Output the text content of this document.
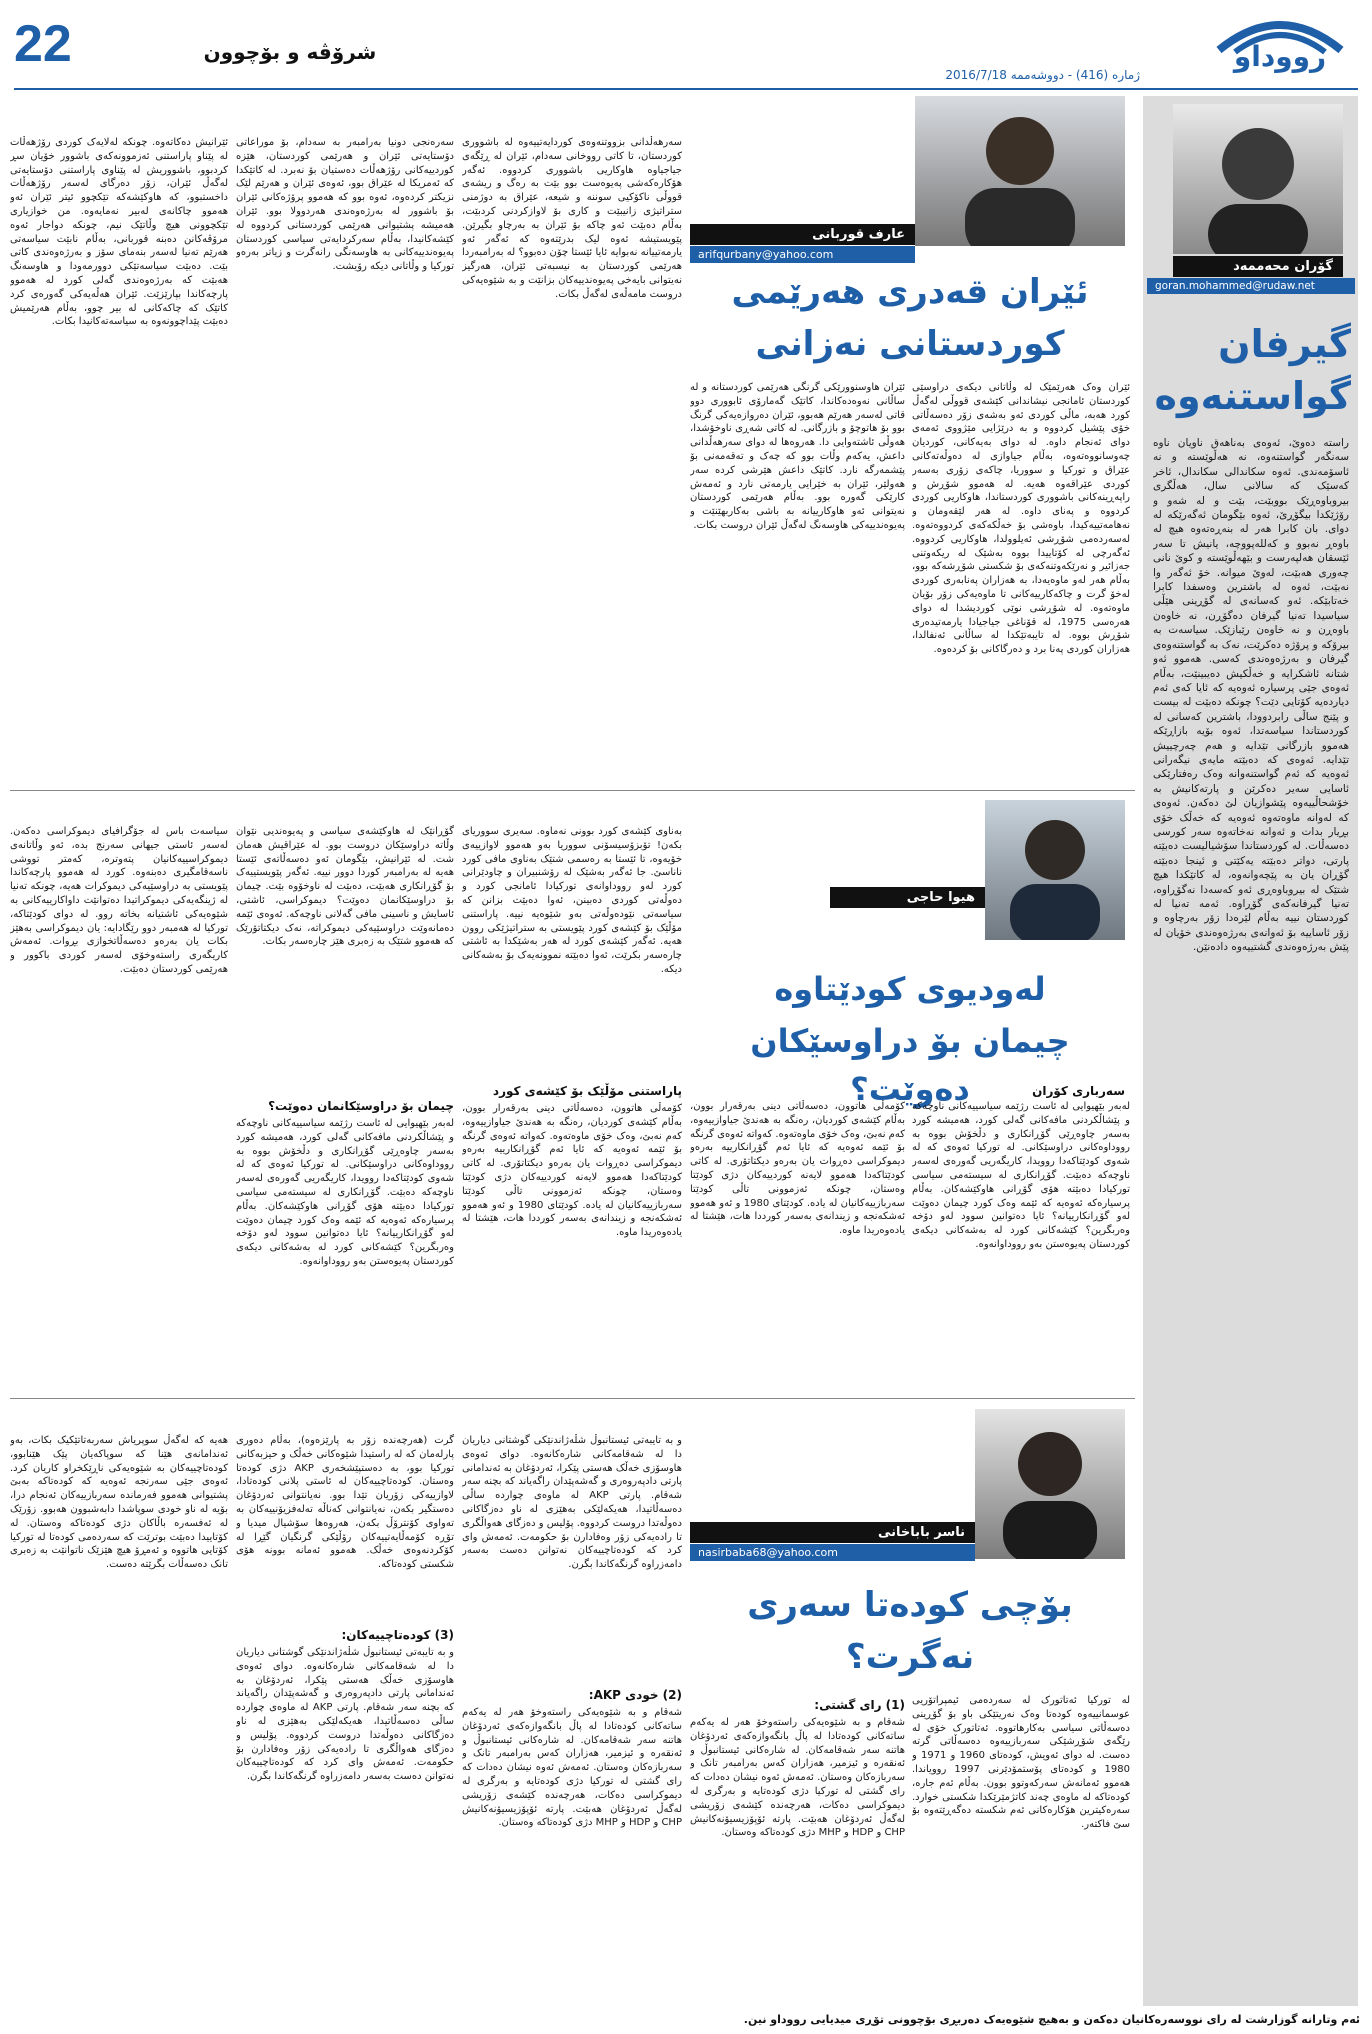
22	شرۆڤە و بۆچوون
ژمارە (416) - دووشەممە 2016/7/18
رووداو
گۆران محەممەد
goran.mohammed@rudaw.net
گیرفان گواستنەوە
راستە دەوێ، ئەوەی بەناھەق ناویان ناوە سەنگەر گواستنەوە، نە ھەڵوێستە و نە ئاسۆمەندی. ئەوە سکاندالی سکاندال، ئاخر کەسێک کە سالانی سال، ھەڵگری بیروباوەڕێک بووبێت، بێت و لە شەو و رۆژێکدا بیگۆڕێ، ئەوە بێگومان ئەگەرێکە لە دوای. بان کابرا ھەر لە بنەڕەتەوە ھیچ لە باوەڕ نەبوو و کەللەپووچە، یانیش تا سەر ئێسقان ھەلپەرست و بێھەڵوێستە و کوێ نانی چەوری ھەبێت، لەوێ میوانە. خۆ ئەگەر وا نەبێت، ئەوە لە باشترین وەسفدا کابرا خەتابێکە. ئەو کەسانەی لە گۆڕینی ھێڵی سیاسیدا تەنیا گیرفان دەگۆڕن، نە خاوەن باوەڕن و نە خاوەن رێبازێک. سیاسەت بە بیرۆکە و پرۆژە دەکرێت، نەک بە گواستنەوەی گیرفان و بەرژەوەندی کەسی. ھەموو ئەو شتانە ئاشکرایە و خەڵکیش دەیبینێت، بەڵام ئەوەی جێی پرسیارە ئەوەیە کە ئایا کەی ئەم دیاردەیە کۆتایی دێت؟ چونکە دەبێت لە بیست و پێنج ساڵی رابردوودا، باشترین کەسانی لە کوردستاندا سیاسەتدا، ئەوە بۆیە بازاڕێکە ھەموو بازرگانی تێدایە و ھەم چەرچییش تێدایە. ئەوەی کە دەبێتە مایەی نیگەرانی ئەوەیە کە ئەم گواستنەوانە وەک رەفتارێکی ئاسایی سەیر دەکرێن و پارتەکانیش بە خۆشحاڵییەوە پێشوازیان لێ دەکەن. ئەوەی کە لەوانە ماوەتەوە ئەوەیە کە خەڵک خۆی بڕیار بدات و ئەوانە نەخاتەوە سەر کورسی دەسەڵات. لە کوردستاندا سۆشیالیست دەبێتە پارتی، دواتر دەبێتە یەکێتی و ئینجا دەبێتە گۆڕان یان بە پێچەوانەوە، لە کاتێکدا ھیچ شتێک لە بیروباوەڕی ئەو کەسەدا نەگۆڕاوە، تەنیا گیرفانەکەی گۆڕاوە. ئەمە تەنیا لە کوردستان نییە بەڵام لێرەدا زۆر بەرچاوە و زۆر ئاساییە بۆ ئەوانەی بەرژەوەندی خۆیان لە پێش بەرژەوەندی گشتییەوە دادەنێن.
عارف قوربانی
arifqurbany@yahoo.com
ئێران قەدری ھەرێمی
کوردستانی نەزانی
ئێران وەک ھەرێمێک لە وڵاتانی دیکەی دراوسێی کوردستان ئامانجی نیشاندانی کێشەی قووڵی لەگەڵ کورد ھەبە، ماڵی کوردی ئەو بەشەی زۆر دەسەڵاتی خۆی پێشیل کردووە و بە درێژایی مێژووی ئەمەی دوای ئەنجام داوە. لە دوای بەیەکانی، کوردیان چەوسانووەتەوە، بەڵام جیاوازی لە دەوڵەتەکانی عێراق و تورکیا و سووریا، چاکەی زۆری بەسەر کوردی عێراقەوە ھەیە. لە ھەموو شۆڕش و راپەڕینەکانی باشووری کوردستاندا، ھاوکاریی کوردی کردووە و پەنای داوە. لە ھەر لێقەومان و نەھامەتییەکیدا، باوەشی بۆ خەڵکەکەی کردووەتەوە. لەسەردەمی شۆڕشی ئەیلوولدا، ھاوکاریی کردووە. ئەگەرچی لە کۆتاییدا بووە بەشێک لە ریکەوتنی جەزائیر و نەرێکەوتنەکەی بۆ شکستی شۆڕشەکە بوو، بەڵام ھەر لەو ماوەیەدا، بە ھەزاران پەنابەری کوردی لەخۆ گرت و چاکەکارییەکانی تا ماوەیەکی زۆر بۆیان ماوەتەوە. لە شۆڕشی نوێی کوردیشدا لە دوای ھەرەسی 1975، لە قۆناغی جیاجیادا یارمەتیدەری شۆڕش بووە. لە تایبەتێکدا لە ساڵانی ئەنفالدا، ھەزاران کوردی پەنا برد و دەرگاکانی بۆ کردەوە.
ئێران ھاوسنوورێکی گرنگی ھەرێمی کوردستانە و لە ساڵانی نەوەدەکاندا، کاتێک گەمارۆی ئابووری دوو قاتی لەسەر ھەرێم ھەبوو، ئێران دەروازەیەکی گرنگ بوو بۆ ھاتوچۆ و بازرگانی. لە کاتی شەڕی ناوخۆشدا، ھەوڵی ئاشتەوایی دا. ھەروەھا لە دوای سەرھەڵدانی داعش، یەکەم وڵات بوو کە چەک و تەقەمەنی بۆ پێشمەرگە نارد. کاتێک داعش ھێرشی کردە سەر ھەولێر، ئێران بە خێرایی یارمەتی نارد و ئەمەش کارێکی گەورە بوو. بەڵام ھەرێمی کوردستان نەیتوانی ئەو ھاوکارییانە بە باشی بەکاربھێنێت و پەیوەندییەکی ھاوسەنگ لەگەڵ ئێران دروست بکات.
سەرھەڵدانی بزووتنەوەی کوردایەتییەوە لە باشووری کوردستان، تا کاتی رووخانی سەدام، ئێران لە ڕێگەی جیاجیاوە ھاوکاریی باشووری کردووە. ئەگەر ھۆکارەکەشی پەیوەست بوو بێت بە رەگ و ریشەی قووڵی ناکۆکیی سوننە و شیعە، عێراق بە دوژمنی ستراتیژی زانیبێت و کاری بۆ لاوازکردنی کردبێت، بەڵام دەبێت ئەو چاکە بۆ ئێران بە بەرچاو بگیرێن. پێویستیشە ئەوە لیک بدرێتەوە کە ئەگەر ئەو یارمەتییانە نەبوایە ئایا ئێستا چۆن دەبوو؟ لە بەرامبەردا ھەرێمی کوردستان بە نیسبەتی ئێران، ھەرگیز نەیتوانی بایەخی پەیوەندییەکان بزانێت و بە شێوەیەکی دروست مامەڵەی لەگەڵ بکات.
سەرەنجی دونیا بەرامبەر بە سەدام، بۆ موراعاتی دۆستایەتی ئێران و ھەرێمی کوردستان، ھێزە کوردییەکانی رۆژھەڵات دەستیان بۆ نەبرد. لە کاتێکدا کە ئەمریکا لە عێراق بوو، ئەوەی ئێران و ھەرێم لێک نزیکتر کردەوە، ئەوە بوو کە ھەموو پرۆژەکانی ئێران بۆ باشوور لە بەرژەوەندی ھەردوولا بوو. ئێران ھەمیشە پشتیوانی ھەرێمی کوردستانی کردووە لە کێشەکانیدا، بەڵام سەرکردایەتی سیاسی کوردستان پەیوەندییەکانی بە ھاوسەنگی رانەگرت و زیاتر بەرەو تورکیا و وڵاتانی دیکە رۆیشت.
ئێرانیش دەکاتەوە. چونکە لەلایەک کوردی رۆژھەڵات لە پێناو پاراستنی ئەزموونەکەی باشوور خۆیان سڕ کردبوو، باشووریش لە پێناوی پاراستنی دۆستایەتی لەگەڵ ئێران، زۆر دەرگای لەسەر رۆژھەڵات داخستبوو، کە ھاوکێشەکە تێکچوو ئیتر ئێران ئەو ھەموو چاکانەی لەبیر نەمایەوە. من خوازیاری تێکچوونی ھیچ وڵاتێک نیم، چونکە دواجار ئەوە مرۆڤەکانن دەبنە قوربانی، بەڵام نابێت سیاسەتی ھەرێم تەنیا لەسەر بنەمای سۆز و بەرژەوەندی کاتی بێت. دەبێت سیاسەتێکی دوورمەودا و ھاوسەنگ ھەبێت کە بەرژەوەندی گەلی کورد لە ھەموو پارچەکاندا بپارێزێت. ئێران ھەڵەیەکی گەورەی کرد کاتێک کە چاکەکانی لە بیر چوو، بەڵام ھەرێمیش دەبێت پێداچوونەوە بە سیاسەتەکانیدا بکات.
هیوا حاجی
لەودیوی کودێتاوە
چیمان بۆ دراوسێکان دەوێت؟	سەرباری کۆران
لەبەر بێھیوایی لە ئاست رژێمە سیاسییەکانی ناوچەکە و پێشاڵکردنی مافەکانی گەلی کورد، ھەمیشە کورد بەسەر چاوەڕێی گۆڕانکاری و دڵخۆش بووە بە رووداوەکانی دراوسێکانی. لە تورکیا ئەوەی کە لە شەوی کودێتاکەدا روویدا، کاریگەریی گەورەی لەسەر ناوچەکە دەبێت. گۆڕانکاری لە سیستەمی سیاسی تورکیادا دەبێتە ھۆی گۆڕانی ھاوکێشەکان. بەڵام پرسیارەکە ئەوەیە کە ئێمە وەک کورد چیمان دەوێت لەو گۆڕانکارییانە؟ ئایا دەتوانین سوود لەو دۆخە وەربگرین؟ کێشەکانی کورد لە بەشەکانی دیکەی کوردستان پەیوەستن بەو رووداوانەوە.
کۆمەڵی ھاتوون، دەسەڵاتی دینی بەرقەرار بوون، بەڵام کێشەی کوردیان، رەنگە بە ھەندێ جیاوازییەوە، کەم نەبێ، وەک خۆی ماوەتەوە. کەواتە ئەوەی گرنگە بۆ ئێمە ئەوەیە کە ئایا ئەم گۆڕانکارییە بەرەو دیموکراسی دەڕوات یان بەرەو دیکتاتۆری. لە کاتی کودێتاکەدا ھەموو لایەنە کوردییەکان دژی کودێتا وەستان، چونکە ئەزموونی تاڵی کودێتا سەربازییەکانیان لە یادە. کودێتای 1980 و ئەو ھەموو ئەشکەنجە و زیندانەی بەسەر کورددا ھات، ھێشتا لە یادەوەریدا ماوە.
بەناوی کێشەی کورد بوونی نەماوە. سەیری سووریای بکەن! تۆبزۆسیسۆنی سووریا بەو ھەموو لاوازییەی خۆیەوە، تا ئێستا بە رەسمی شتێک بەناوی مافی کورد ناناسێ. جا ئەگەر بەشێک لە رۆشنبیران و چاودێرانی کورد لەو رووداوانەی تورکیادا ئامانجی کورد و دەوڵەتی کوردی دەبینن، ئەوا دەبێت بزانن کە سیاسەتی نێودەوڵەتی بەو شێوەیە نییە. پاراستنی مۆڵێک بۆ کێشەی کورد پێویستی بە ستراتیژێکی روون ھەیە. ئەگەر کێشەی کورد لە ھەر بەشێکدا بە ئاشتی چارەسەر بکرێت، ئەوا دەبێتە نموونەیەک بۆ بەشەکانی دیکە.
پاراستنی مۆڵێک بۆ کێشەی کورد
کۆمەڵی ھاتوون، دەسەڵاتی دینی بەرقەرار بوون، بەڵام کێشەی کوردیان، رەنگە بە ھەندێ جیاوازییەوە، کەم نەبێ، وەک خۆی ماوەتەوە. کەواتە ئەوەی گرنگە بۆ ئێمە ئەوەیە کە ئایا ئەم گۆڕانکارییە بەرەو دیموکراسی دەڕوات یان بەرەو دیکتاتۆری. لە کاتی کودێتاکەدا ھەموو لایەنە کوردییەکان دژی کودێتا وەستان، چونکە ئەزموونی تاڵی کودێتا سەربازییەکانیان لە یادە. کودێتای 1980 و ئەو ھەموو ئەشکەنجە و زیندانەی بەسەر کورددا ھات، ھێشتا لە یادەوەریدا ماوە.
گۆڕانێک لە ھاوکێشەی سیاسی و پەیوەندیی نێوان وڵاتە دراوسێکان دروست بوو. لە عێراقیش ھەمان شت. لە ئێرانیش، بێگومان ئەو دەسەڵاتەی ئێستا ھەیە لە بەرامبەر کوردا دوور نییە. ئەگەر پێویستییەک بۆ گۆڕانکاری ھەبێت، دەبێت لە ناوخۆوە بێت. چیمان بۆ دراوسێکانمان دەوێت؟ دیموکراسی، ئاشتی، ئاسایش و ناسینی مافی گەلانی ناوچەکە. ئەوەی ئێمە دەمانەوێت دراوسێیەکی دیموکراتە، نەک دیکتاتۆرێک کە ھەموو شتێک بە زەبری ھێز چارەسەر بکات.
چیمان بۆ دراوسێکانمان دەوێت؟
لەبەر بێھیوایی لە ئاست رژێمە سیاسییەکانی ناوچەکە و پێشاڵکردنی مافەکانی گەلی کورد، ھەمیشە کورد بەسەر چاوەڕێی گۆڕانکاری و دڵخۆش بووە بە رووداوەکانی دراوسێکانی. لە تورکیا ئەوەی کە لە شەوی کودێتاکەدا روویدا، کاریگەریی گەورەی لەسەر ناوچەکە دەبێت. گۆڕانکاری لە سیستەمی سیاسی تورکیادا دەبێتە ھۆی گۆڕانی ھاوکێشەکان. بەڵام پرسیارەکە ئەوەیە کە ئێمە وەک کورد چیمان دەوێت لەو گۆڕانکارییانە؟ ئایا دەتوانین سوود لەو دۆخە وەربگرین؟ کێشەکانی کورد لە بەشەکانی دیکەی کوردستان پەیوەستن بەو رووداوانەوە.
سیاسەت باس لە جۆگرافیای دیموکراسی دەکەن. لەسەر ئاستی جیھانی سەرنج بدە، ئەو وڵاتانەی دیموکراسییەکانیان پتەوترە، کەمتر تووشی ناسەقامگیری دەبنەوە. کورد لە ھەموو پارچەکاندا پێویستی بە دراوسێیەکی دیموکرات ھەیە، چونکە تەنیا لە ژینگەیەکی دیموکراتیدا دەتوانێت داواکارییەکانی بە شێوەیەکی ئاشتیانە بخاتە روو. لە دوای کودێتاکە، تورکیا لە ھەمبەر دوو رێگادایە: یان دیموکراسی بەھێز بکات یان بەرەو دەسەڵاتخوازی بڕوات. ئەمەش کاریگەری راستەوخۆی لەسەر کوردی باکوور و ھەرێمی کوردستان دەبێت.
ناسر باباخانی
nasirbaba68@yahoo.com
بۆچی کودەتا سەری
نەگرت؟
لە تورکیا ئەتاتورک لە سەردەمی ئیمپراتۆریی عوسمانییەوە کودەتا وەک نەریتێکی باو بۆ گۆڕینی دەسەڵاتی سیاسی بەکارھاتووە. ئەتاتورک خۆی لە رێگەی شۆڕشێکی سەربازییەوە دەسەڵاتی گرتە دەست. لە دوای ئەویش، کودەتای 1960 و 1971 و 1980 و کودەتای پۆستمۆدێرنی 1997 روویاندا. ھەموو ئەمانەش سەرکەوتوو بوون. بەڵام ئەم جارە، کودەتاکە لە ماوەی چەند کاتژمێرێکدا شکستی خوارد. سەرەکیترین ھۆکارەکانی ئەم شکستە دەگەڕێتەوە بۆ سێ فاکتەر.
(1) رای گشتی:
شەقام و بە شێوەیەکی راستەوخۆ ھەر لە یەکەم ساتەکانی کودەتادا لە پاڵ بانگەوازەکەی ئەردۆغان ھاتنە سەر شەقامەکان. لە شارەکانی ئیستانبوڵ و ئەنقەرە و ئیزمیر، ھەزاران کەس بەرامبەر تانک و سەربازەکان وەستان. ئەمەش ئەوە نیشان دەدات کە رای گشتی لە تورکیا دژی کودەتایە و بەرگری لە دیموکراسی دەکات، ھەرچەندە کێشەی زۆریشی لەگەڵ ئەردۆغان ھەبێت. پارتە ئۆپۆزیسیۆنەکانیش CHP و HDP و MHP دژی کودەتاکە وەستان.
و بە تایبەتی ئیستانبوڵ شڵەژاندنێکی گوشتانی دیاریان دا لە شەقامەکانی شارەکانەوە. دوای ئەوەی ھاوسۆزی خەڵک ھەستی پێکرا، ئەردۆغان بە ئەندامانی پارتی دادپەروەری و گەشەپێدان راگەیاند کە بچنە سەر شەقام. پارتی AKP لە ماوەی چواردە ساڵی دەسەڵاتیدا، ھەیکەلێکی بەھێزی لە ناو دەزگاکانی دەوڵەتدا دروست کردووە. پۆلیس و دەزگای ھەواڵگری تا رادەیەکی زۆر وەفادارن بۆ حکومەت. ئەمەش وای کرد کە کودەتاچییەکان نەتوانن دەست بەسەر دامەزراوە گرنگەکاندا بگرن.
(2) خودی AKP:
شەقام و بە شێوەیەکی راستەوخۆ ھەر لە یەکەم ساتەکانی کودەتادا لە پاڵ بانگەوازەکەی ئەردۆغان ھاتنە سەر شەقامەکان. لە شارەکانی ئیستانبوڵ و ئەنقەرە و ئیزمیر، ھەزاران کەس بەرامبەر تانک و سەربازەکان وەستان. ئەمەش ئەوە نیشان دەدات کە رای گشتی لە تورکیا دژی کودەتایە و بەرگری لە دیموکراسی دەکات، ھەرچەندە کێشەی زۆریشی لەگەڵ ئەردۆغان ھەبێت. پارتە ئۆپۆزیسیۆنەکانیش CHP و HDP و MHP دژی کودەتاکە وەستان.
گرت (ھەرچەندە زۆر بە پارێزەوە)، بەڵام دەوری پارلەمان کە لە راستیدا شێوەکانی خەڵک و حیزبەکانی تورکیا بوو، بە دەستپێشخەری AKP دژی کودەتا وەستان. کودەتاچییەکان لە ئاستی پلانی کودەتادا، لاوازییەکی زۆریان تێدا بوو. نەیانتوانی ئەردۆغان دەستگیر بکەن، نەیانتوانی کەناڵە تەلەفزیۆنییەکان بە تەواوی کۆنترۆڵ بکەن، ھەروەھا سۆشیال میدیا و تۆڕە کۆمەڵایەتییەکان رۆڵێکی گرنگیان گێڕا لە کۆکردنەوەی خەڵک. ھەموو ئەمانە بوونە ھۆی شکستی کودەتاکە.
(3) کودەتاچییەکان:
و بە تایبەتی ئیستانبوڵ شڵەژاندنێکی گوشتانی دیاریان دا لە شەقامەکانی شارەکانەوە. دوای ئەوەی ھاوسۆزی خەڵک ھەستی پێکرا، ئەردۆغان بە ئەندامانی پارتی دادپەروەری و گەشەپێدان راگەیاند کە بچنە سەر شەقام. پارتی AKP لە ماوەی چواردە ساڵی دەسەڵاتیدا، ھەیکەلێکی بەھێزی لە ناو دەزگاکانی دەوڵەتدا دروست کردووە. پۆلیس و دەزگای ھەواڵگری تا رادەیەکی زۆر وەفادارن بۆ حکومەت. ئەمەش وای کرد کە کودەتاچییەکان نەتوانن دەست بەسەر دامەزراوە گرنگەکاندا بگرن.
ھەیە کە لەگەڵ سوپریاش سەربەتاتێکیک بکات، بەو ئەندامانەی ھێنا کە سوپاکەیان پێک ھێنابوو، کودەتاچییەکان بە شێوەیەکی ناڕێکخراو کاریان کرد. ئەوەی جێی سەرنجە ئەوەیە کە کودەتاکە بەبێ پشتیوانی ھەموو فەرماندە سەربازییەکان ئەنجام درا، بۆیە لە ناو خودی سوپاشدا دابەشبوون ھەبوو. زۆرێک لە ئەفسەرە باڵاکان دژی کودەتاکە وەستان. لە کۆتاییدا دەبێت بوترێت کە سەردەمی کودەتا لە تورکیا کۆتایی ھاتووە و ئەمڕۆ ھیچ ھێزێک ناتوانێت بە زەبری تانک دەسەڵات بگرێتە دەست.
ئەم وتارانە گوزارشت لە رای نووسەرەکانیان دەکەن و بەھیچ شێوەیەک دەربڕی بۆچوونی تۆڕی میدیایی رووداو نین.
